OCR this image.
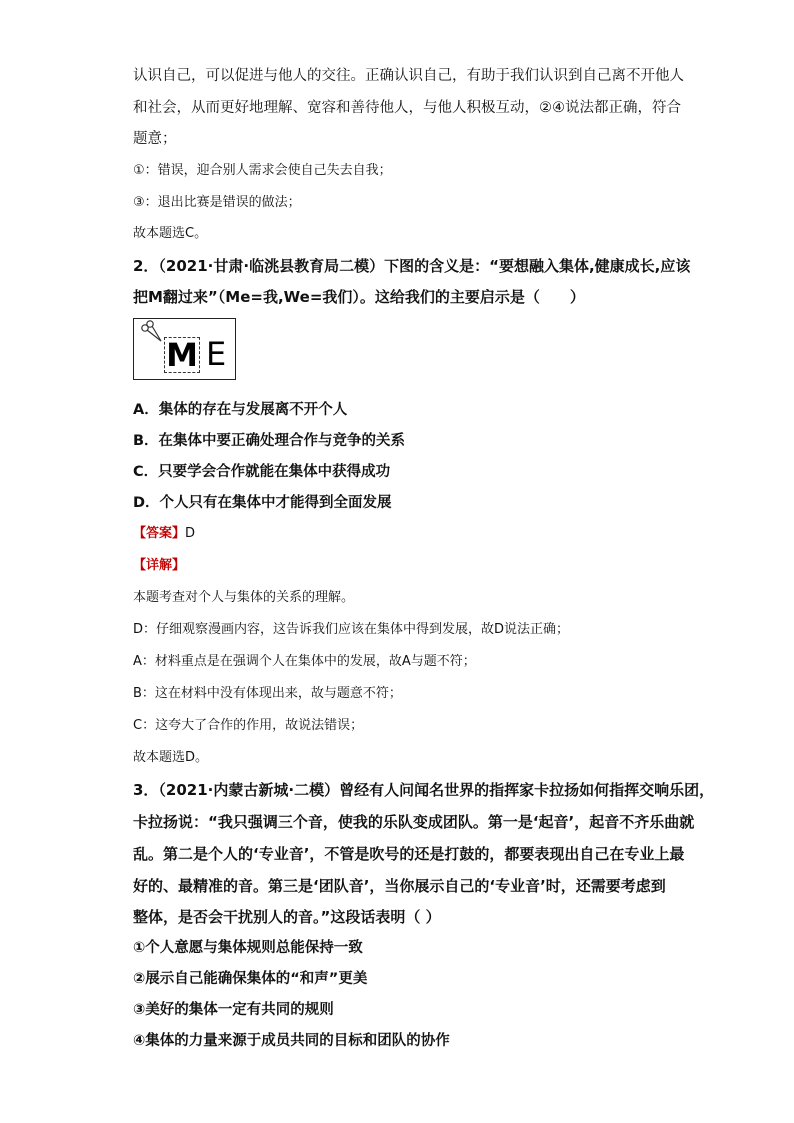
认识自己，可以促进与他人的交往。正确认识自己，有助于我们认识到自己离不开他人

和社会，从而更好地理解、宽容和善待他人，与他人积极互动，②④说法都正确，符合

题意；

①：错误，迎合别人需求会使自己失去自我；

③：退出比赛是错误的做法；

故本题选C。

2．（2021·甘肃·临洮县教育局二模）下图的含义是：“要想融入集体,健康成长,应该

把M翻过来”（Me=我,We=我们）。这给我们的主要启示是（　　）

M E

A．集体的存在与发展离不开个人

B．在集体中要正确处理合作与竞争的关系

C．只要学会合作就能在集体中获得成功

D．个人只有在集体中才能得到全面发展

【答案】D

【详解】

本题考查对个人与集体的关系的理解。

D：仔细观察漫画内容，这告诉我们应该在集体中得到发展，故D说法正确；

A：材料重点是在强调个人在集体中的发展，故A与题不符；

B：这在材料中没有体现出来，故与题意不符；

C：这夸大了合作的作用，故说法错误；

故本题选D。

3．（2021·内蒙古新城·二模）曾经有人问闻名世界的指挥家卡拉扬如何指挥交响乐团，

卡拉扬说：“我只强调三个音，使我的乐队变成团队。第一是‘起音’，起音不齐乐曲就

乱。第二是个人的‘专业音’，不管是吹号的还是打鼓的，都要表现出自己在专业上最

好的、最精准的音。第三是‘团队音’，当你展示自己的‘专业音’时，还需要考虑到

整体，是否会干扰别人的音。”这段话表明（ ）

①个人意愿与集体规则总能保持一致

②展示自己能确保集体的“和声”更美

③美好的集体一定有共同的规则

④集体的力量来源于成员共同的目标和团队的协作
